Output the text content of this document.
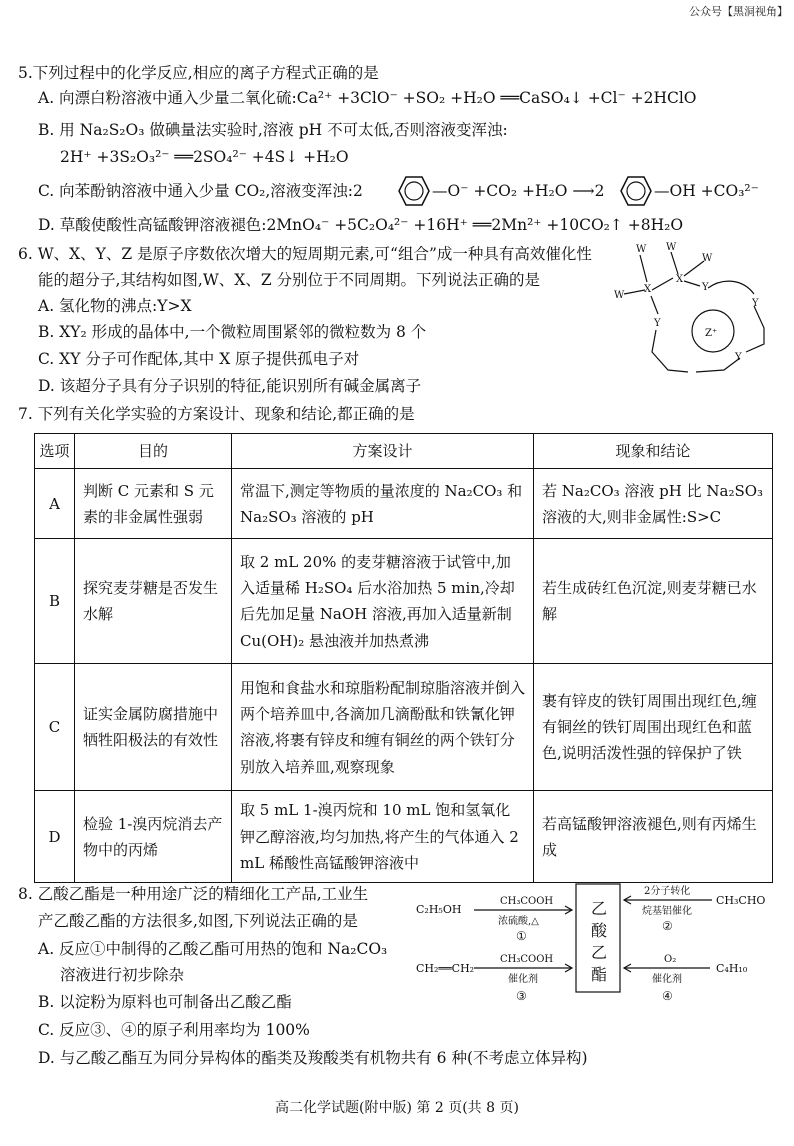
公众号【黑洞视角】
5.下列过程中的化学反应,相应的离子方程式正确的是
A. 向漂白粉溶液中通入少量二氧化硫:Ca²⁺ +3ClO⁻ +SO₂ +H₂O ══CaSO₄↓ +Cl⁻ +2HClO
B. 用 Na₂S₂O₃ 做碘量法实验时,溶液 pH 不可太低,否则溶液变浑浊:
2H⁺ +3S₂O₃²⁻ ══2SO₄²⁻ +4S↓ +H₂O
C. 向苯酚钠溶液中通入少量 CO₂,溶液变浑浊:2	—O⁻ +CO₂ +H₂O ⟶2	—OH +CO₃²⁻
D. 草酸使酸性高锰酸钾溶液褪色:2MnO₄⁻ +5C₂O₄²⁻ +16H⁺ ══2Mn²⁺ +10CO₂↑ +8H₂O
6. W、X、Y、Z 是原子序数依次增大的短周期元素,可“组合”成一种具有高效催化性
能的超分子,其结构如图,W、X、Z 分别位于不同周期。下列说法正确的是
A. 氢化物的沸点:Y>X
B. XY₂ 形成的晶体中,一个微粒周围紧邻的微粒数为 8 个
C. XY 分子可作配体,其中 X 原子提供孤电子对
D. 该超分子具有分子识别的特征,能识别所有碱金属离子
W
W
W
W
X
X
Y
Y
Y
Y
Z⁺
7. 下列有关化学实验的方案设计、现象和结论,都正确的是
选项	目的	方案设计	现象和结论
A	判断 C 元素和 S 元素的非金属性强弱	常温下,测定等物质的量浓度的 Na₂CO₃ 和 Na₂SO₃ 溶液的 pH	若 Na₂CO₃ 溶液 pH 比 Na₂SO₃ 溶液的大,则非金属性:S>C
B	探究麦芽糖是否发生水解	取 2 mL 20% 的麦芽糖溶液于试管中,加入适量稀 H₂SO₄ 后水浴加热 5 min,冷却后先加足量 NaOH 溶液,再加入适量新制 Cu(OH)₂ 悬浊液并加热煮沸	若生成砖红色沉淀,则麦芽糖已水解
C	证实金属防腐措施中牺牲阳极法的有效性	用饱和食盐水和琼脂粉配制琼脂溶液并倒入两个培养皿中,各滴加几滴酚酞和铁氰化钾溶液,将裹有锌皮和缠有铜丝的两个铁钉分别放入培养皿,观察现象	裹有锌皮的铁钉周围出现红色,缠有铜丝的铁钉周围出现红色和蓝色,说明活泼性强的锌保护了铁
D	检验 1-溴丙烷消去产物中的丙烯	取 5 mL 1-溴丙烷和 10 mL 饱和氢氧化钾乙醇溶液,均匀加热,将产生的气体通入 2 mL 稀酸性高锰酸钾溶液中	若高锰酸钾溶液褪色,则有丙烯生成
8. 乙酸乙酯是一种用途广泛的精细化工产品,工业生
产乙酸乙酯的方法很多,如图,下列说法正确的是
A. 反应①中制得的乙酸乙酯可用热的饱和 Na₂CO₃
溶液进行初步除杂
B. 以淀粉为原料也可制备出乙酸乙酯
C. 反应③、④的原子利用率均为 100%
D. 与乙酸乙酯互为同分异构体的酯类及羧酸类有机物共有 6 种(不考虑立体异构)
C₂H₅OH
CH₃COOH
浓硫酸,△
①
CH₃CHO
2分子转化
烷基铝催化
②
CH₂══CH₂
CH₃COOH
催化剂
③
C₄H₁₀
O₂
催化剂
④
乙
酸
乙
酯
高二化学试题(附中版) 第 2 页(共 8 页)
